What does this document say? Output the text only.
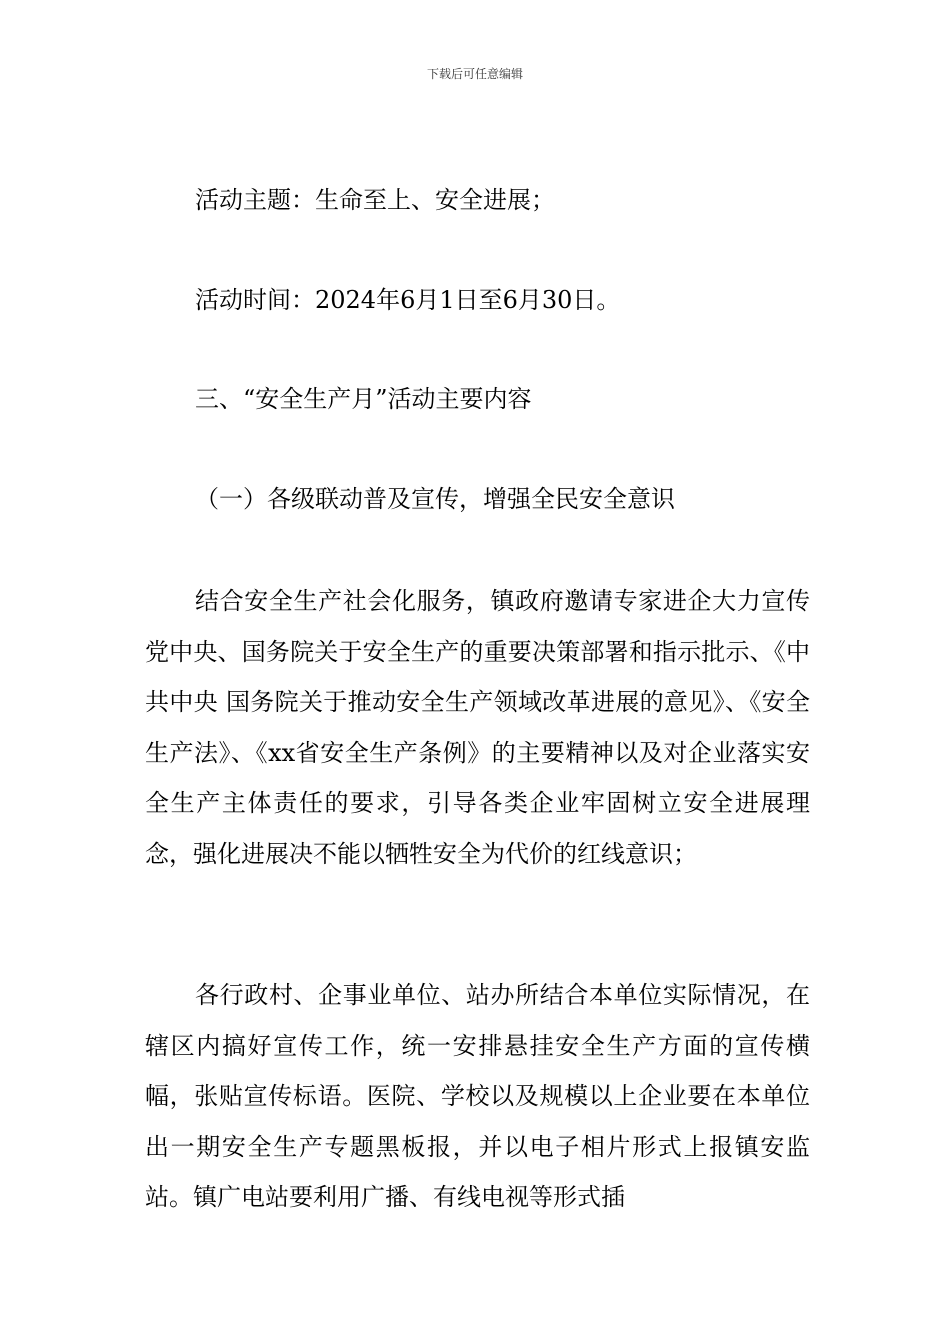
下载后可任意编辑
活动主题：生命至上、安全进展；
活动时间：2024年6月1日至6月30日。
三、“安全生产月”活动主要内容
（一）各级联动普及宣传，增强全民安全意识
结合安全生产社会化服务，镇政府邀请专家进企大力宣传党中央、国务院关于安全生产的重要决策部署和指示批示、《中共中央 国务院关于推动安全生产领域改革进展的意见》、《安全生产法》、《xx省安全生产条例》的主要精神以及对企业落实安全生产主体责任的要求，引导各类企业牢固树立安全进展理念，强化进展决不能以牺牲安全为代价的红线意识；
各行政村、企事业单位、站办所结合本单位实际情况，在辖区内搞好宣传工作，统一安排悬挂安全生产方面的宣传横幅，张贴宣传标语。医院、学校以及规模以上企业要在本单位出一期安全生产专题黑板报，并以电子相片形式上报镇安监站。镇广电站要利用广播、有线电视等形式插
